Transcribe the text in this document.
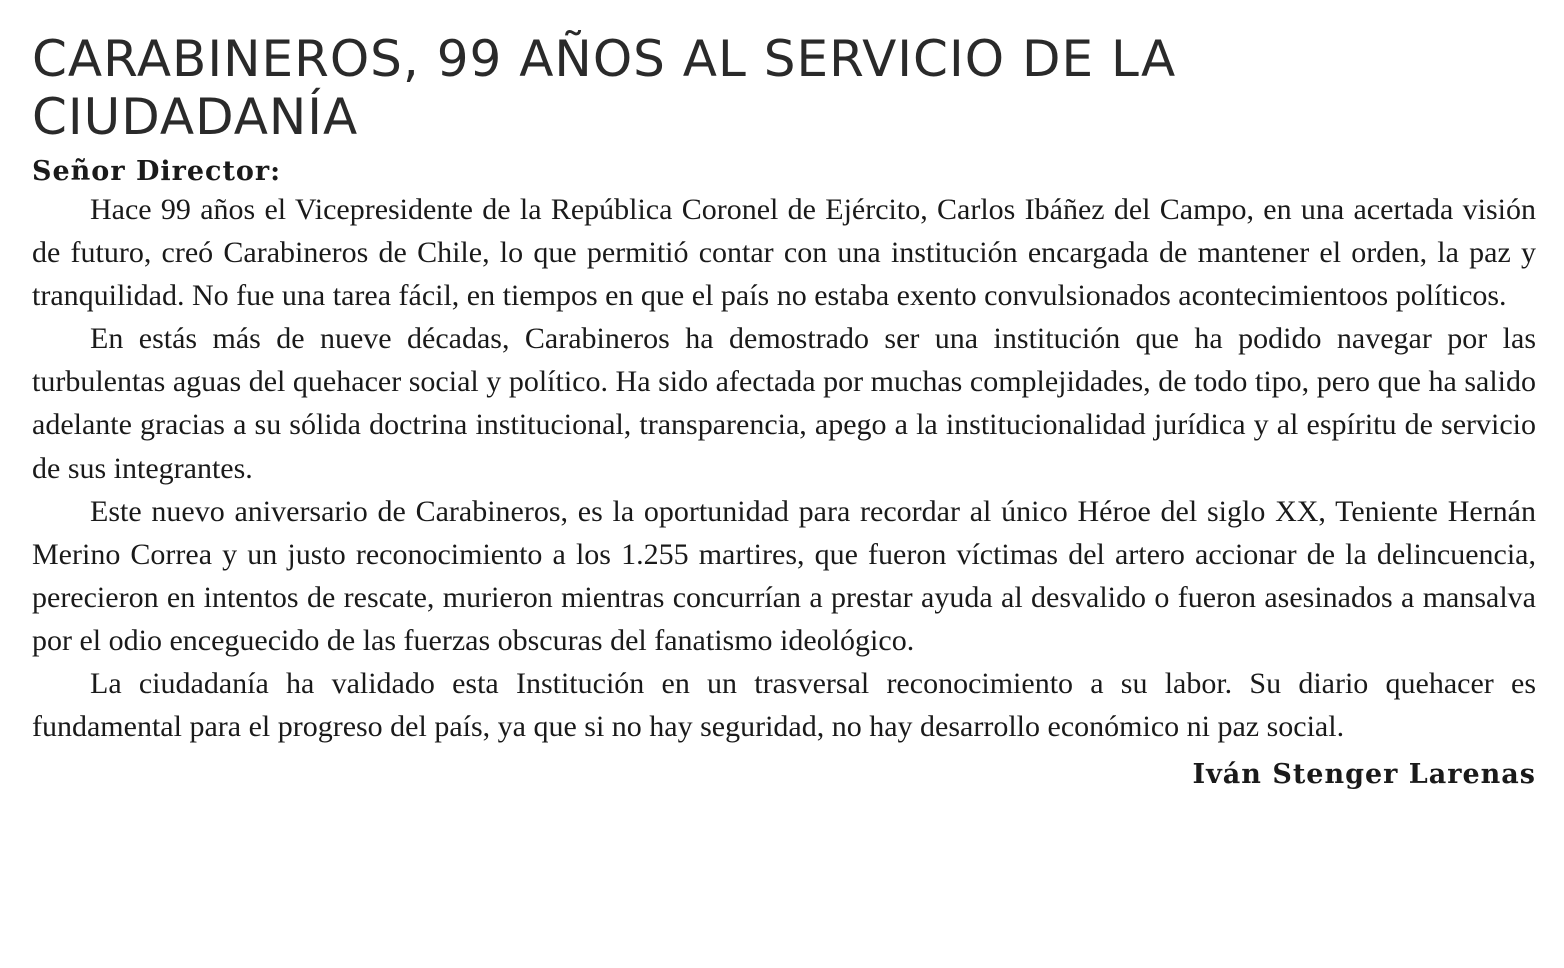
CARABINEROS, 99 AÑOS AL SERVICIO DE LA CIUDADANÍA
Señor Director:

Hace 99 años el Vicepresidente de la República Coronel de Ejército, Carlos Ibáñez del Campo, en una acertada visión de futuro, creó Carabineros de Chile, lo que permitió contar con una institución encargada de mantener el orden, la paz y tranquilidad. No fue una tarea fácil, en tiempos en que el país no estaba exento convulsionados acontecimientoos políticos.

En estás más de nueve décadas, Carabineros ha demostrado ser una institución que ha podido navegar por las turbulentas aguas del quehacer social y político. Ha sido afectada por muchas complejidades, de todo tipo, pero que ha salido adelante gracias a su sólida doctrina institucional, transparencia, apego a la institucionalidad jurídica y al espíritu de servicio de sus integrantes.

Este nuevo aniversario de Carabineros, es la oportunidad para recordar al único Héroe del siglo XX, Teniente Hernán Merino Correa y un justo reconocimiento a los 1.255 martires, que fueron víctimas del artero accionar de la delincuencia, perecieron en intentos de rescate, murieron mientras concurrían a prestar ayuda al desvalido o fueron asesinados a mansalva por el odio enceguecido de las fuerzas obscuras del fanatismo ideológico.

La ciudadanía ha validado esta Institución en un trasversal reconocimiento a su labor. Su diario quehacer es fundamental para el progreso del país, ya que si no hay seguridad, no hay desarrollo económico ni paz social.

Iván Stenger Larenas
